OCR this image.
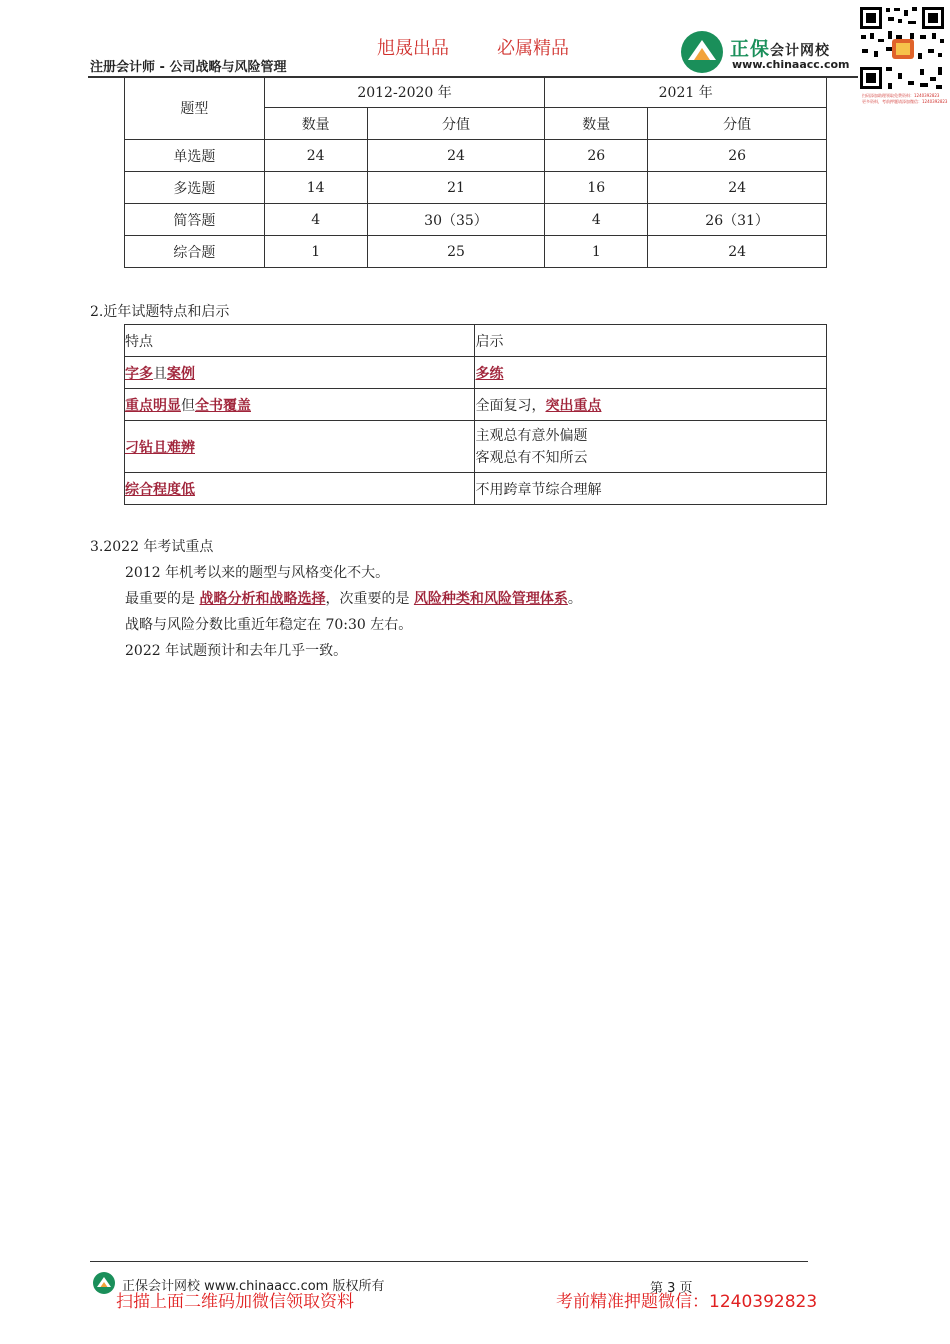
旭晟出品	必属精品
注册会计师 - 公司战略与风险管理
正保会计网校
www.chinaacc.com
扫码添加助理领取免费资料：1240392823
更多资料，考前押题请添加微信：1240392823
题型	2012-2020 年		2021 年	
	数量	分值	数量	分值
单选题	24	24	26	26
多选题	14	21	16	24
简答题	4	30（35）	4	26（31）
综合题	1	25	1	24
2.近年试题特点和启示
特点	启示
字多且案例	多练
重点明显但全书覆盖	全面复习，突出重点
刁钻且难辨	主观总有意外偏题
客观总有不知所云

综合程度低	不用跨章节综合理解
3.2022 年考试重点
2012 年机考以来的题型与风格变化不大。
最重要的是 战略分析和战略选择，次重要的是 风险种类和风险管理体系。
战略与风险分数比重近年稳定在 70:30 左右。
2022 年试题预计和去年几乎一致。
正保会计网校 www.chinaacc.com 版权所有	第 3 页
扫描上面二维码加微信领取资料	考前精准押题微信：1240392823
